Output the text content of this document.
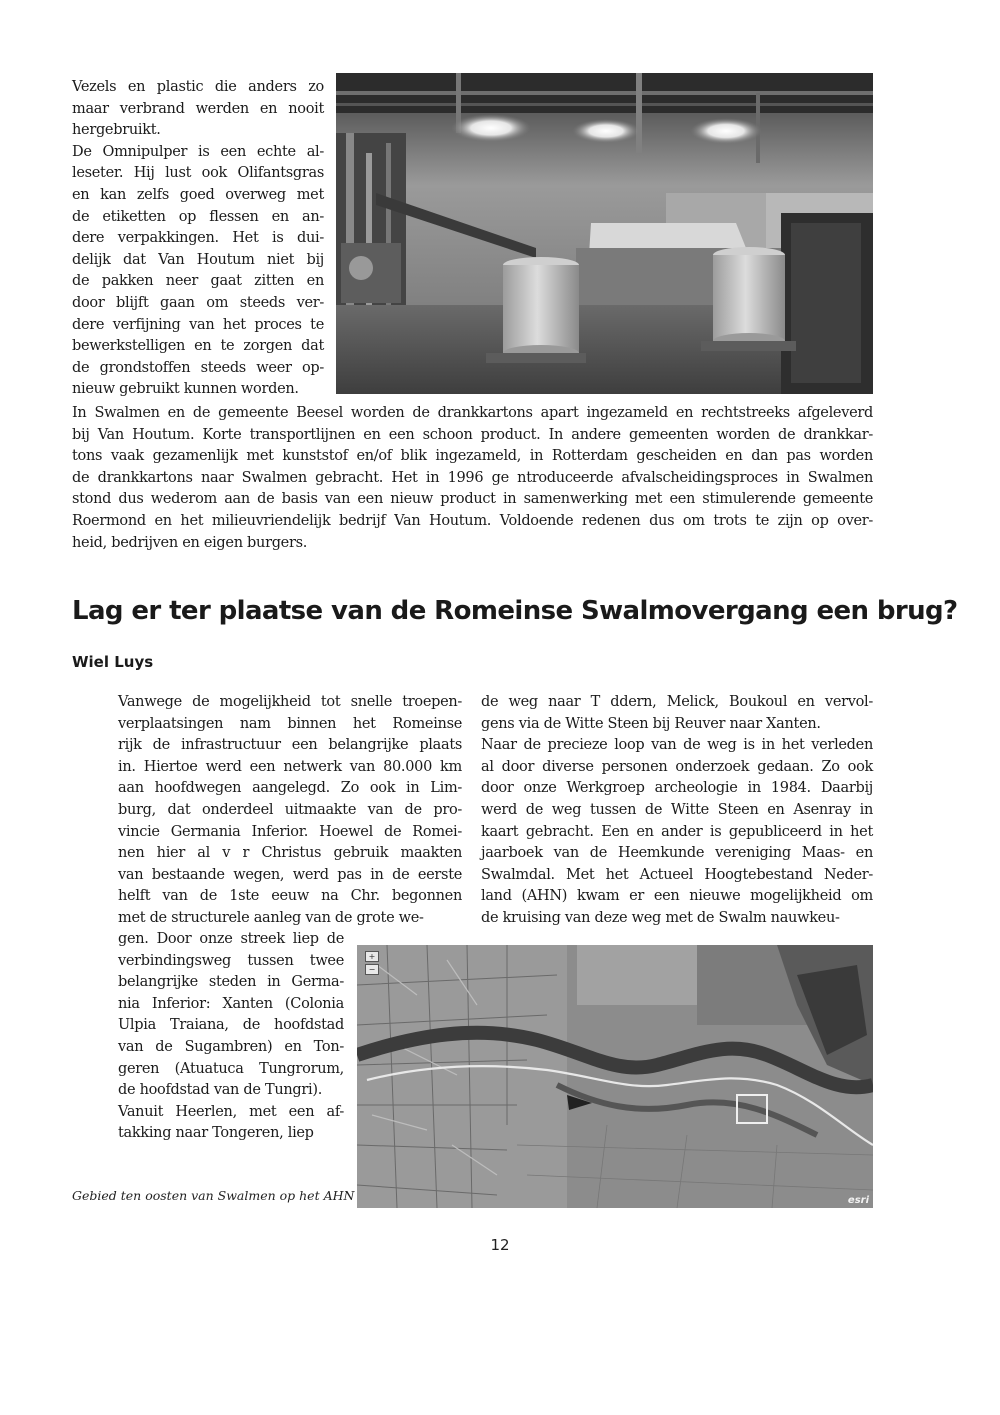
Vezels en plastic die anders zo
maar verbrand werden en nooit
hergebruikt.
De Omnipulper is een echte al-
leseter. Hij lust ook Olifantsgras
en kan zelfs goed overweg met
de etiketten op flessen en an-
dere verpakkingen. Het is dui-
delijk dat Van Houtum niet bij
de pakken neer gaat zitten en
door blijft gaan om steeds ver-
dere verfijning van het proces te
bewerkstelligen en te zorgen dat
de grondstoffen steeds weer op-
nieuw gebruikt kunnen worden.
In Swalmen en de gemeente Beesel worden de drankkartons apart ingezameld en rechtstreeks afgeleverd
bij Van Houtum. Korte transportlijnen en een schoon product. In andere gemeenten worden de drankkar-
tons vaak gezamenlijk met kunststof en/of blik ingezameld, in Rotterdam gescheiden en dan pas worden
de drankkartons naar Swalmen gebracht. Het in 1996 ge ntroduceerde afvalscheidingsproces in Swalmen
stond dus wederom aan de basis van een nieuw product in samenwerking met een stimulerende gemeente
Roermond en het milieuvriendelijk bedrijf Van Houtum. Voldoende redenen dus om trots te zijn op over-
heid, bedrijven en eigen burgers.
Lag er ter plaatse van de Romeinse Swalmovergang een brug?
Wiel Luys
Vanwege de mogelijkheid tot snelle troepen-
verplaatsingen nam binnen het Romeinse
rijk de infrastructuur een belangrijke plaats
in. Hiertoe werd een netwerk van 80.000 km
aan hoofdwegen aangelegd. Zo ook in Lim-
burg, dat onderdeel uitmaakte van de pro-
vincie Germania Inferior. Hoewel de Romei-
nen hier al v r Christus gebruik maakten
van bestaande wegen, werd pas in de eerste
helft van de 1ste eeuw na Chr. begonnen
met de structurele aanleg van de grote we-
gen. Door onze streek liep de
verbindingsweg tussen twee
belangrijke steden in Germa-
nia Inferior: Xanten (Colonia
Ulpia Traiana, de hoofdstad
van de Sugambren) en Ton-
geren (Atuatuca Tungrorum,
de hoofdstad van de Tungri).
Vanuit Heerlen, met een af-
takking naar Tongeren, liep
de weg naar T ddern, Melick, Boukoul en vervol-
gens via de Witte Steen bij Reuver naar Xanten.
Naar de precieze loop van de weg is in het verleden
al door diverse personen onderzoek gedaan. Zo ook
door onze Werkgroep archeologie in 1984. Daarbij
werd de weg tussen de Witte Steen en Asenray in
kaart gebracht. Een en ander is gepubliceerd in het
jaarboek van de Heemkunde vereniging Maas- en
Swalmdal. Met het Actueel Hoogtebestand Neder-
land (AHN) kwam er een nieuwe mogelijkheid om
de kruising van deze weg met de Swalm nauwkeu-
+
−
esri
Gebied ten oosten van Swalmen op het AHN
12
